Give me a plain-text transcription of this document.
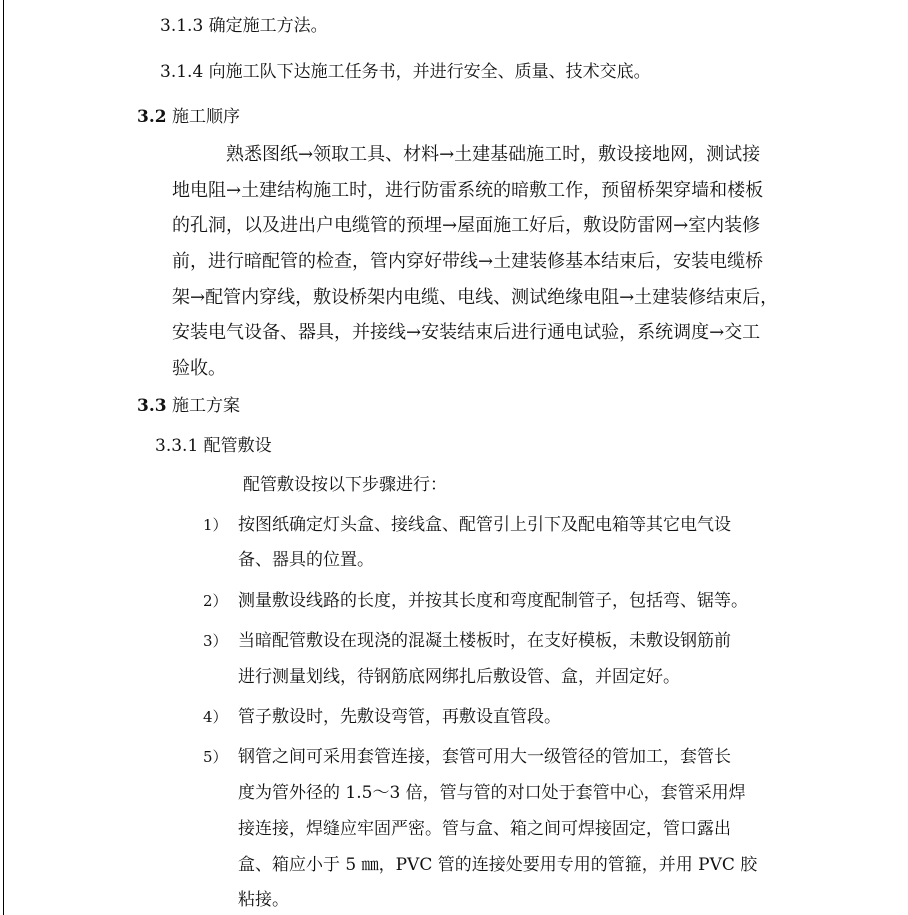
3.1.3 确定施工方法。
3.1.4 向施工队下达施工任务书，并进行安全、质量、技术交底。
3.2 施工顺序
熟悉图纸→领取工具、材料→土建基础施工时，敷设接地网，测试接
地电阻→土建结构施工时，进行防雷系统的暗敷工作，预留桥架穿墙和楼板
的孔洞，以及进出户电缆管的预埋→屋面施工好后，敷设防雷网→室内装修
前，进行暗配管的检查，管内穿好带线→土建装修基本结束后，安装电缆桥
架→配管内穿线，敷设桥架内电缆、电线、测试绝缘电阻→土建装修结束后，
安装电气设备、器具，并接线→安装结束后进行通电试验，系统调度→交工
验收。
3.3 施工方案
3.3.1 配管敷设
配管敷设按以下步骤进行：
1） 按图纸确定灯头盒、接线盒、配管引上引下及配电箱等其它电气设
备、器具的位置。
2） 测量敷设线路的长度，并按其长度和弯度配制管子，包括弯、锯等。
3） 当暗配管敷设在现浇的混凝土楼板时，在支好模板，未敷设钢筋前
进行测量划线，待钢筋底网绑扎后敷设管、盒，并固定好。
4） 管子敷设时，先敷设弯管，再敷设直管段。
5） 钢管之间可采用套管连接，套管可用大一级管径的管加工，套管长
度为管外径的 1.5～3 倍，管与管的对口处于套管中心，套管采用焊
接连接，焊缝应牢固严密。管与盒、箱之间可焊接固定，管口露出
盒、箱应小于 5 ㎜，PVC 管的连接处要用专用的管箍，并用 PVC 胶
粘接。
